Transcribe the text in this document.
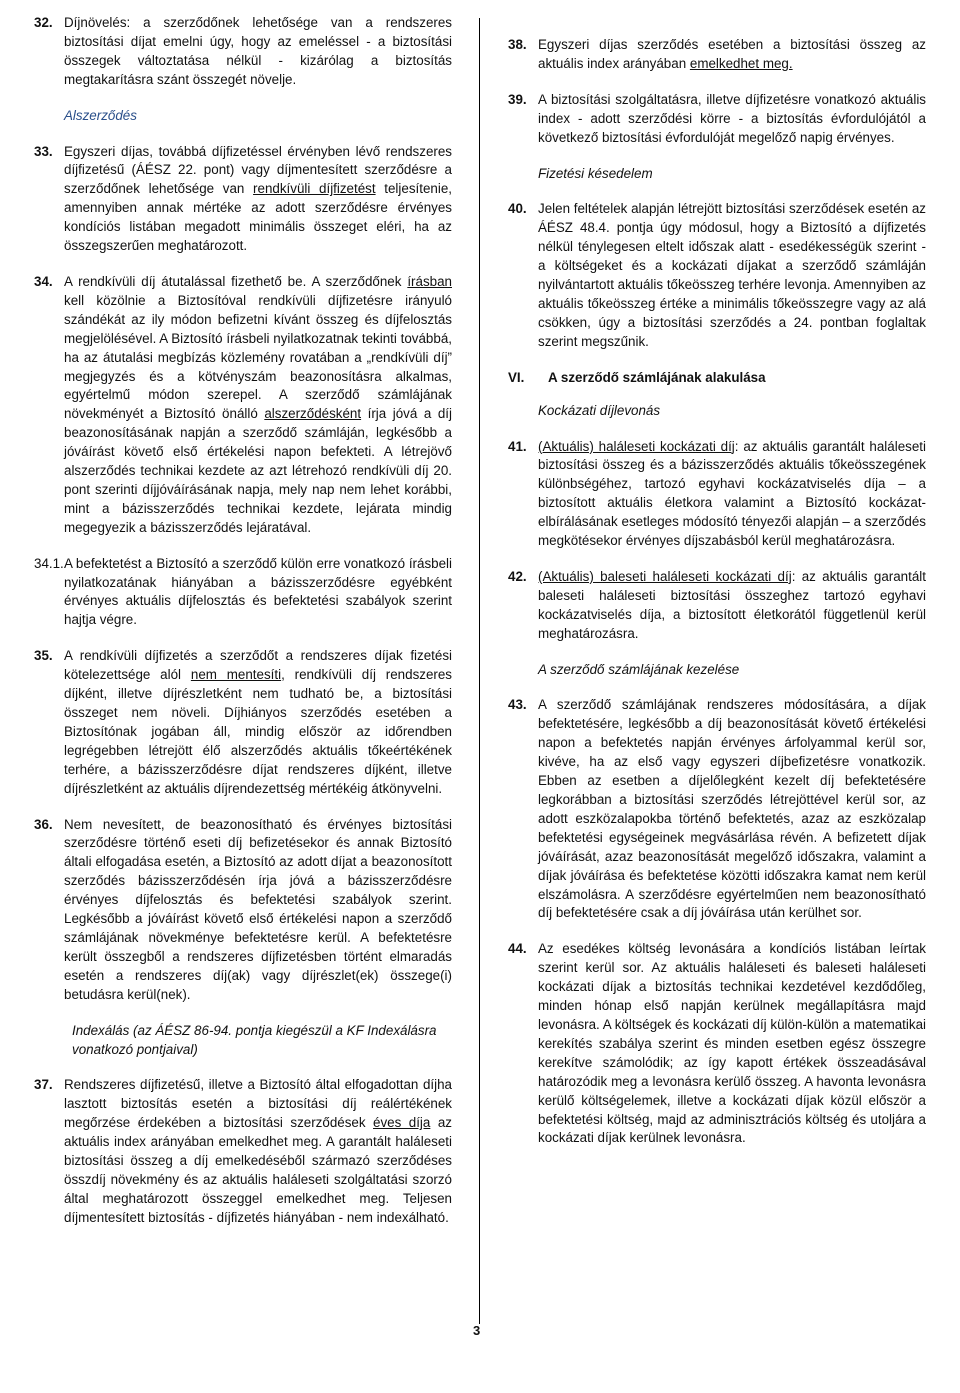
32. Díjnövelés: a szerződőnek lehetősége van a rendszeres biztosítási díjat emelni úgy, hogy az emeléssel - a biztosítási összegek változtatása nélkül - kizárólag a biztosítás megtakarításra szánt összegét növelje.

Alszerződés

33. Egyszeri díjas, továbbá díjfizetéssel érvényben lévő rendszeres díjfizetésű (ÁÉSZ 22. pont) vagy díjmentesített szerződésre a szerződőnek lehetősége van rendkívüli díjfizetést teljesítenie, amennyiben annak mértéke az adott szerződésre érvényes kondíciós listában megadott minimális összeget eléri, ha az összegszerűen meghatározott.

34. A rendkívüli díj átutalással fizethető be. A szerződőnek írásban kell közölnie a Biztosítóval rendkívüli díjfizetésre irányuló szándékát az ily módon befizetni kívánt összeg és díjfelosztás megjelölésével. A Biztosító írásbeli nyilatkozatnak tekinti továbbá, ha az átutalási megbízás közlemény rovatában a „rendkívüli díj” megjegyzés és a kötvényszám beazonosításra alkalmas, egyértelmű módon szerepel. A szerződő számlájának növekményét a Biztosító önálló alszerződésként írja jóvá a díj beazonosításának napján a szerződő számláján, legkésőbb a jóváírást követő első értékelési napon befekteti. A létrejövő alszerződés technikai kezdete az azt létrehozó rendkívüli díj 20. pont szerinti díjjóváírásának napja, mely nap nem lehet korábbi, mint a bázisszerződés technikai kezdete, lejárata mindig megegyezik a bázisszerződés lejáratával.

34.1. A befektetést a Biztosító a szerződő külön erre vonatkozó írásbeli nyilatkozatának hiányában a bázisszerződésre egyébként érvényes aktuális díjfelosztás és befektetési szabályok szerint hajtja végre.

35. A rendkívüli díjfizetés a szerződőt a rendszeres díjak fizetési kötelezettsége alól nem mentesíti, rendkívüli díj rendszeres díjként, illetve díjrészletként nem tudható be, a biztosítási összeget nem növeli. Díjhiányos szerződés esetében a Biztosítónak jogában áll, mindig először az időrendben legrégebben létrejött élő alszerződés aktuális tőkeértékének terhére, a bázisszerződésre díjat rendszeres díjként, illetve díjrészletként az aktuális díjrendezettség mértékéig átkönyvelni.

36. Nem nevesített, de beazonosítható és érvényes biztosítási szerződésre történő eseti díj befizetésekor és annak Biztosító általi elfogadása esetén, a Biztosító az adott díjat a beazonosított szerződés bázisszerződésén írja jóvá a bázisszerződésre érvényes díjfelosztás és befektetési szabályok szerint. Legkésőbb a jóváírást követő első értékelési napon a szerződő számlájának növekménye befektetésre kerül. A befektetésre került összegből a rendszeres díjfizetésben történt elmaradás esetén a rendszeres díj(ak) vagy díjrészlet(ek) összege(i) betudásra kerül(nek).

Indexálás (az ÁÉSZ 86-94. pontja kiegészül a KF Indexálásra vonatkozó pontjaival)

37. Rendszeres díjfizetésű, illetve a Biztosító által elfogadottan díjha lasztott biztosítás esetén a biztosítási díj reálértékének megőrzése érdekében a biztosítási szerződések éves díja az aktuális index arányában emelkedhet meg. A garantált haláleseti biztosítási összeg a díj emelkedéséből származó szerződéses összdíj növekmény és az aktuális haláleseti szolgáltatási szorzó által meghatározott összeggel emelkedhet meg. Teljesen díjmentesített biztosítás - díjfizetés hiányában - nem indexálható.

3

38. Egyszeri díjas szerződés esetében a biztosítási összeg az aktuális index arányában emelkedhet meg.

39. A biztosítási szolgáltatásra, illetve díjfizetésre vonatkozó aktuális index - adott szerződési körre - a biztosítás évfordulójától a következő biztosítási évfordulóját megelőző napig érvényes.

Fizetési késedelem

40. Jelen feltételek alapján létrejött biztosítási szerződések esetén az ÁÉSZ 48.4. pontja úgy módosul, hogy a Biztosító a díjfizetés nélkül ténylegesen eltelt időszak alatt - esedékességük szerint - a költségeket és a kockázati díjakat a szerződő számláján nyilvántartott aktuális tőkeösszeg terhére levonja. Amennyiben az aktuális tőkeösszeg értéke a minimális tőkeösszegre vagy az alá csökken, úgy a biztosítási szerződés a 24. pontban foglaltak szerint megszűnik.

VI. A szerződő számlájának alakulása
Kockázati díjlevonás

41. (Aktuális) haláleseti kockázati díj: az aktuális garantált haláleseti biztosítási összeg és a bázisszerződés aktuális tőkeösszegének különbségéhez, tartozó egyhavi kockázatviselés díja – a biztosított aktuális életkora valamint a Biztosító kockázat-elbírálásának esetleges módosító tényezői alapján – a szerződés megkötésekor érvényes díjszabásból kerül meghatározásra.

42. (Aktuális) baleseti haláleseti kockázati díj: az aktuális garantált baleseti haláleseti biztosítási összeghez tartozó egyhavi kockázatviselés díja, a biztosított életkorától függetlenül kerül meghatározásra.

A szerződő számlájának kezelése

43. A szerződő számlájának rendszeres módosítására, a díjak befektetésére, legkésőbb a díj beazonosítását követő értékelési napon a befektetés napján érvényes árfolyammal kerül sor, kivéve, ha az első vagy egyszeri díjbefizetésre vonatkozik. Ebben az esetben a díjelőlegként kezelt díj befektetésére legkorábban a biztosítási szerződés létrejöttével kerül sor, az adott eszközalapokba történő befektetés, azaz az eszközalap befektetési egységeinek megvásárlása révén. A befizetett díjak jóváírását, azaz beazonosítását megelőző időszakra, valamint a díjak jóváírása és befektetése közötti időszakra kamat nem kerül elszámolásra. A szerződésre egyértelműen nem beazonosítható díj befektetésére csak a díj jóváírása után kerülhet sor.

44. Az esedékes költség levonására a kondíciós listában leírtak szerint kerül sor. Az aktuális haláleseti és baleseti haláleseti kockázati díjak a biztosítás technikai kezdetével kezdődőleg, minden hónap első napján kerülnek megállapításra majd levonásra. A költségek és kockázati díj külön-külön a matematikai kerekítés szabálya szerint és minden esetben egész összegre kerekítve számolódik; az így kapott értékek összeadásával határozódik meg a levonásra kerülő összeg. A havonta levonásra kerülő költségelemek, illetve a kockázati díjak közül először a befektetési költség, majd az adminisztrációs költség és utoljára a kockázati díjak kerülnek levonásra.
